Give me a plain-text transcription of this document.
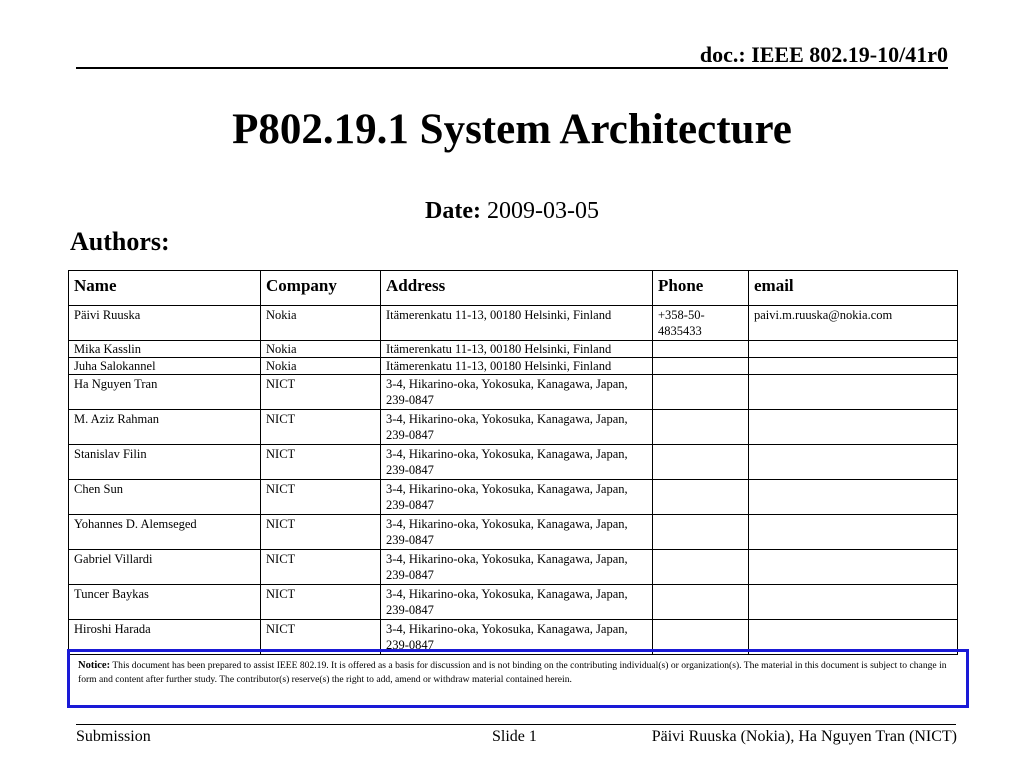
doc.: IEEE 802.19-10/41r0
P802.19.1 System Architecture
Date: 2009-03-05
Authors:
Name	Company	Address	Phone	email
Päivi Ruuska	Nokia	Itämerenkatu 11-13, 00180 Helsinki, Finland	+358-50-4835433	paivi.m.ruuska@nokia.com
Mika Kasslin	Nokia	Itämerenkatu 11-13, 00180 Helsinki, Finland		
Juha Salokannel	Nokia	Itämerenkatu 11-13, 00180 Helsinki, Finland		
Ha Nguyen Tran	NICT	3-4, Hikarino-oka, Yokosuka, Kanagawa, Japan, 239-0847		
M. Aziz Rahman	NICT	3-4, Hikarino-oka, Yokosuka, Kanagawa, Japan, 239-0847		
Stanislav Filin	NICT	3-4, Hikarino-oka, Yokosuka, Kanagawa, Japan, 239-0847		
Chen Sun	NICT	3-4, Hikarino-oka, Yokosuka, Kanagawa, Japan, 239-0847		
Yohannes D. Alemseged	NICT	3-4, Hikarino-oka, Yokosuka, Kanagawa, Japan, 239-0847		
Gabriel Villardi	NICT	3-4, Hikarino-oka, Yokosuka, Kanagawa, Japan, 239-0847		
Tuncer Baykas	NICT	3-4, Hikarino-oka, Yokosuka, Kanagawa, Japan, 239-0847		
Hiroshi Harada	NICT	3-4, Hikarino-oka, Yokosuka, Kanagawa, Japan, 239-0847		
Notice: This document has been prepared to assist IEEE 802.19. It is offered as a basis for discussion and is not binding on the contributing individual(s) or organization(s). The material in this document is subject to change in form and content after further study. The contributor(s) reserve(s) the right to add, amend or withdraw material contained herein.
Submission	Slide 1	Päivi Ruuska (Nokia), Ha Nguyen Tran (NICT)
